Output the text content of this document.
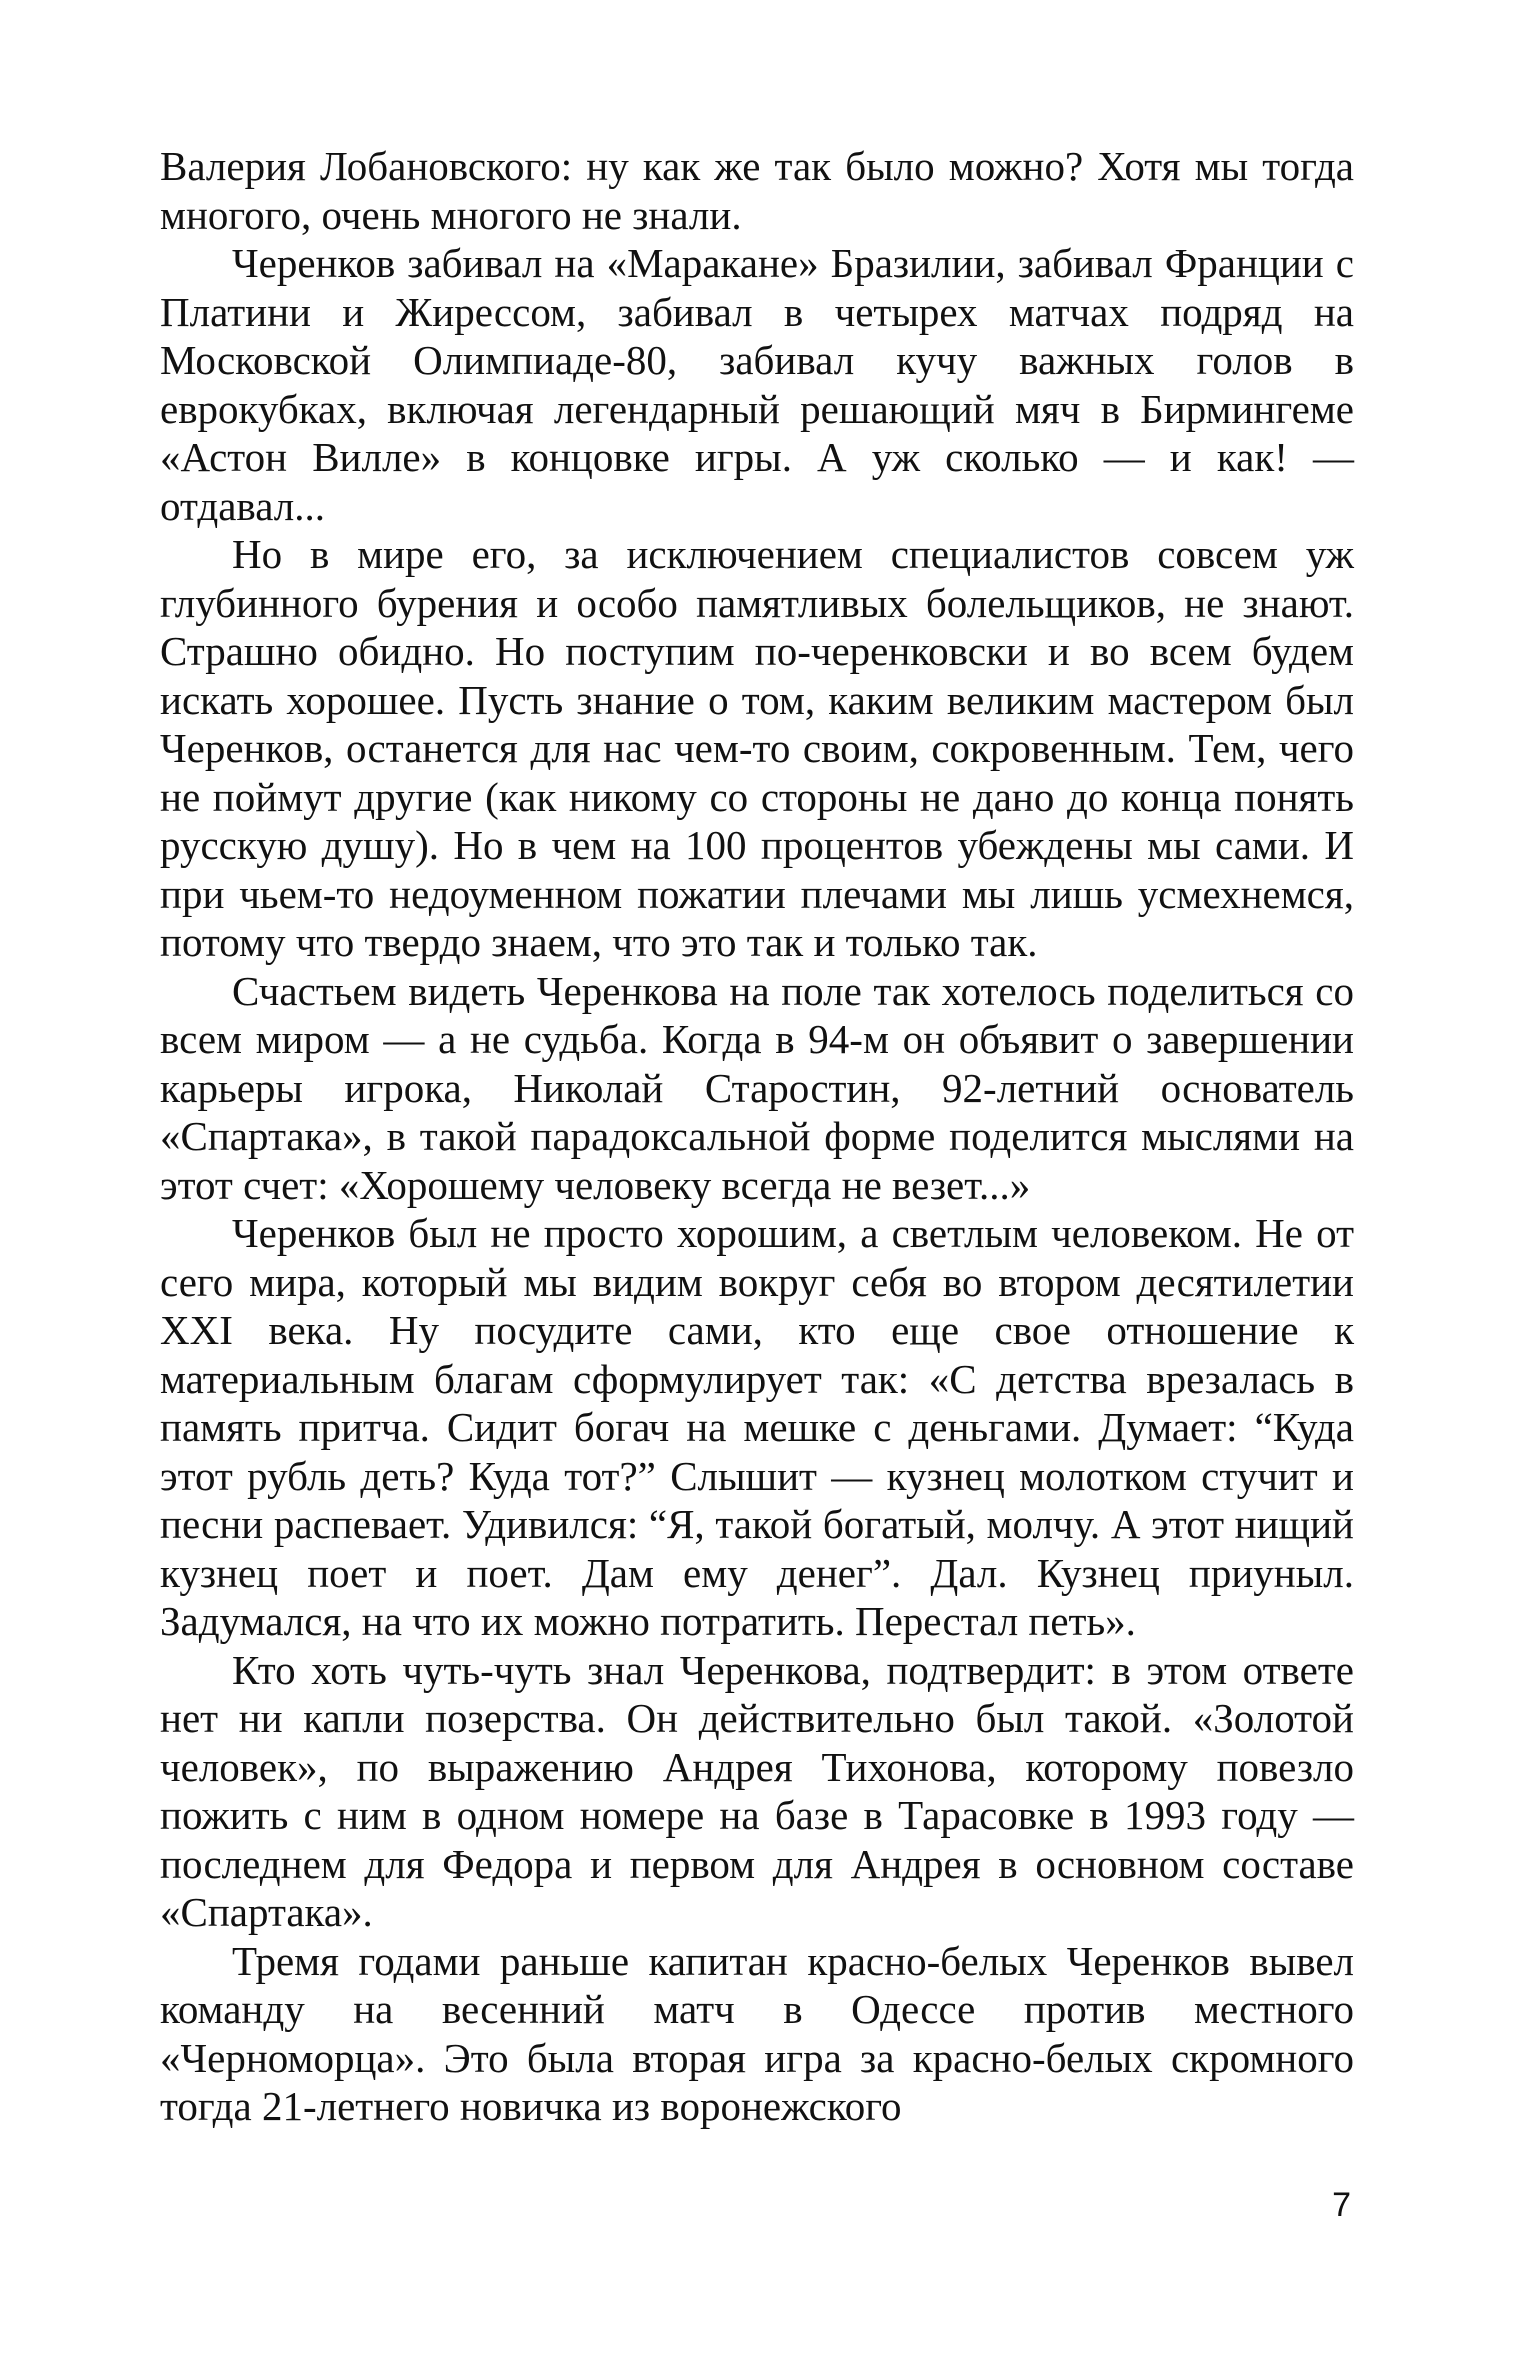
Валерия Лобановского: ну как же так было можно? Хотя мы тогда многого, очень многого не знали.

Черенков забивал на «Маракане» Бразилии, забивал Франции с Платини и Жирессом, забивал в четырех матчах подряд на Московской Олимпиаде-80, забивал кучу важных голов в еврокубках, включая легендарный решающий мяч в Бирмингеме «Астон Вилле» в концовке игры. А уж сколько — и как! — отдавал...

Но в мире его, за исключением специалистов совсем уж глубинного бурения и особо памятливых болельщиков, не знают. Страшно обидно. Но поступим по-черенковски и во всем будем искать хорошее. Пусть знание о том, каким великим мастером был Черенков, останется для нас чем-то своим, сокровенным. Тем, чего не поймут другие (как никому со стороны не дано до конца понять русскую душу). Но в чем на 100 процентов убеждены мы сами. И при чьем-то недоуменном пожатии плечами мы лишь усмехнемся, потому что твердо знаем, что это так и только так.

Счастьем видеть Черенкова на поле так хотелось поделиться со всем миром — а не судьба. Когда в 94-м он объявит о завершении карьеры игрока, Николай Старостин, 92-летний основатель «Спартака», в такой парадоксальной форме поделится мыслями на этот счет: «Хорошему человеку всегда не везет...»

Черенков был не просто хорошим, а светлым человеком. Не от сего мира, который мы видим вокруг себя во втором десятилетии XXI века. Ну посудите сами, кто еще свое отношение к материальным благам сформулирует так: «С детства врезалась в память притча. Сидит богач на мешке с деньгами. Думает: “Куда этот рубль деть? Куда тот?” Слышит — кузнец молотком стучит и песни распевает. Удивился: “Я, такой богатый, молчу. А этот нищий кузнец поет и поет. Дам ему денег”. Дал. Кузнец приуныл. Задумался, на что их можно потратить. Перестал петь».

Кто хоть чуть-чуть знал Черенкова, подтвердит: в этом ответе нет ни капли позерства. Он действительно был такой. «Золотой человек», по выражению Андрея Тихонова, которому повезло пожить с ним в одном номере на базе в Тарасовке в 1993 году — последнем для Федора и первом для Андрея в основном составе «Спартака».

Тремя годами раньше капитан красно-белых Черенков вывел команду на весенний матч в Одессе против местного «Черноморца». Это была вторая игра за красно-белых скромного тогда 21-летнего новичка из воронежского

7
